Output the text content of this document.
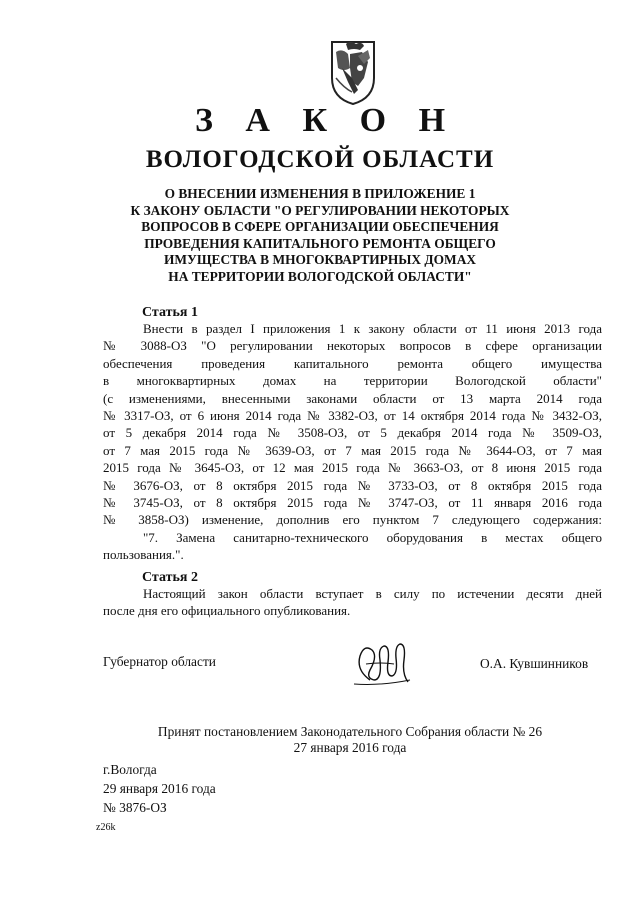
З А К О Н
ВОЛОГОДСКОЙ ОБЛАСТИ
О ВНЕСЕНИИ ИЗМЕНЕНИЯ В ПРИЛОЖЕНИЕ 1
К ЗАКОНУ ОБЛАСТИ "О РЕГУЛИРОВАНИИ НЕКОТОРЫХ
ВОПРОСОВ В СФЕРЕ ОРГАНИЗАЦИИ ОБЕСПЕЧЕНИЯ
ПРОВЕДЕНИЯ КАПИТАЛЬНОГО РЕМОНТА ОБЩЕГО
ИМУЩЕСТВА В МНОГОКВАРТИРНЫХ ДОМАХ
НА ТЕРРИТОРИИ ВОЛОГОДСКОЙ ОБЛАСТИ"
Статья 1
Внести в раздел I приложения 1 к закону области от 11 июня 2013 года
№ 3088-ОЗ "О регулировании некоторых вопросов в сфере организации
обеспечения проведения капитального ремонта общего имущества
в многоквартирных домах на территории Вологодской области"
(с изменениями, внесенными законами области от 13 марта 2014 года
№ 3317-ОЗ, от 6 июня 2014 года № 3382-ОЗ, от 14 октября 2014 года № 3432-ОЗ,
от 5 декабря 2014 года № 3508-ОЗ, от 5 декабря 2014 года № 3509-ОЗ,
от 7 мая 2015 года № 3639-ОЗ, от 7 мая 2015 года № 3644-ОЗ, от 7 мая
2015 года № 3645-ОЗ, от 12 мая 2015 года № 3663-ОЗ, от 8 июня 2015 года
№ 3676-ОЗ, от 8 октября 2015 года № 3733-ОЗ, от 8 октября 2015 года
№ 3745-ОЗ, от 8 октября 2015 года № 3747-ОЗ, от 11 января 2016 года
№ 3858-ОЗ) изменение, дополнив его пунктом 7 следующего содержания:
"7. Замена санитарно-технического оборудования в местах общего
пользования.".
Статья 2
Настоящий закон области вступает в силу по истечении десяти дней
после дня его официального опубликования.
Губернатор области	О.А. Кувшинников
Принят постановлением Законодательного Собрания области № 26
27 января 2016 года
г.Вологда
29 января 2016 года
№ 3876-ОЗ
z26k
